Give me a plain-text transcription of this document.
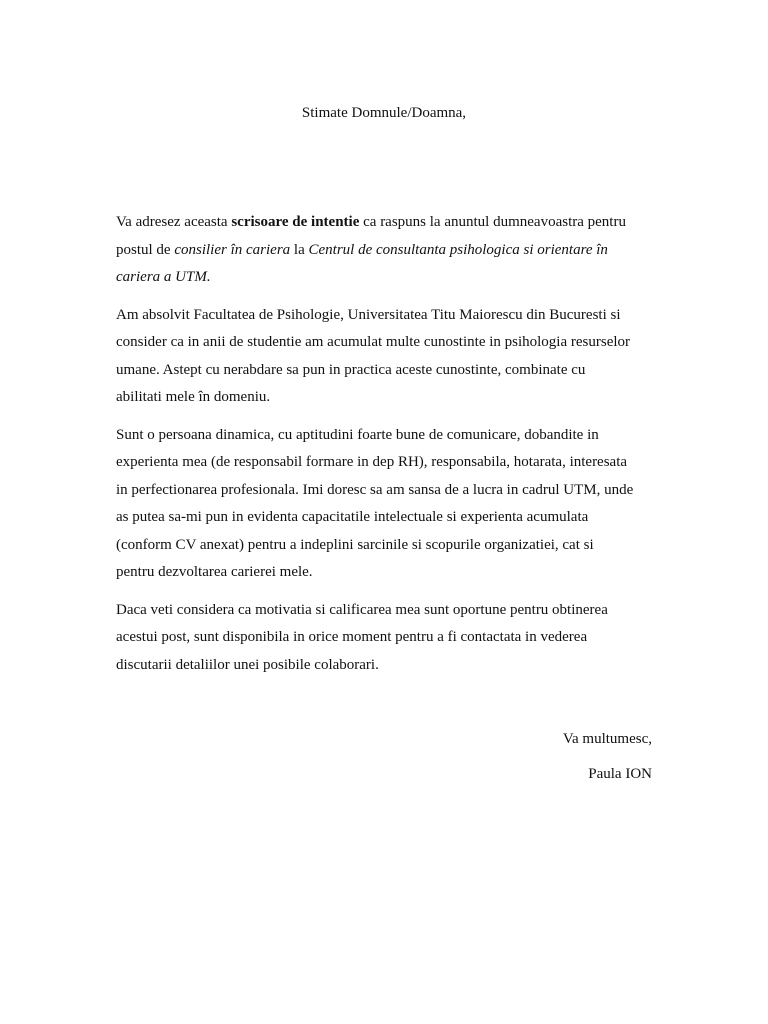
Stimate Domnule/Doamna,

Va adresez aceasta scrisoare de intentie ca raspuns la anuntul dumneavoastra pentru
postul de consilier în cariera la Centrul de consultanta psihologica si orientare în
cariera a UTM.

Am absolvit Facultatea de Psihologie, Universitatea Titu Maiorescu din Bucuresti si
consider ca in anii de studentie am acumulat multe cunostinte in psihologia resurselor
umane. Astept cu nerabdare sa pun in practica aceste cunostinte, combinate cu
abilitati mele în domeniu.

Sunt o persoana dinamica, cu aptitudini foarte bune de comunicare, dobandite in
experienta mea (de responsabil formare in dep RH), responsabila, hotarata, interesata
in perfectionarea profesionala. Imi doresc sa am sansa de a lucra in cadrul UTM, unde
as putea sa-mi pun in evidenta capacitatile intelectuale si experienta acumulata
(conform CV anexat) pentru a indeplini sarcinile si scopurile organizatiei, cat si
pentru dezvoltarea carierei mele.

Daca veti considera ca motivatia si calificarea mea sunt oportune pentru obtinerea
acestui post, sunt disponibila in orice moment pentru a fi contactata in vederea
discutarii detaliilor unei posibile colaborari.

Va multumesc,
Paula ION
